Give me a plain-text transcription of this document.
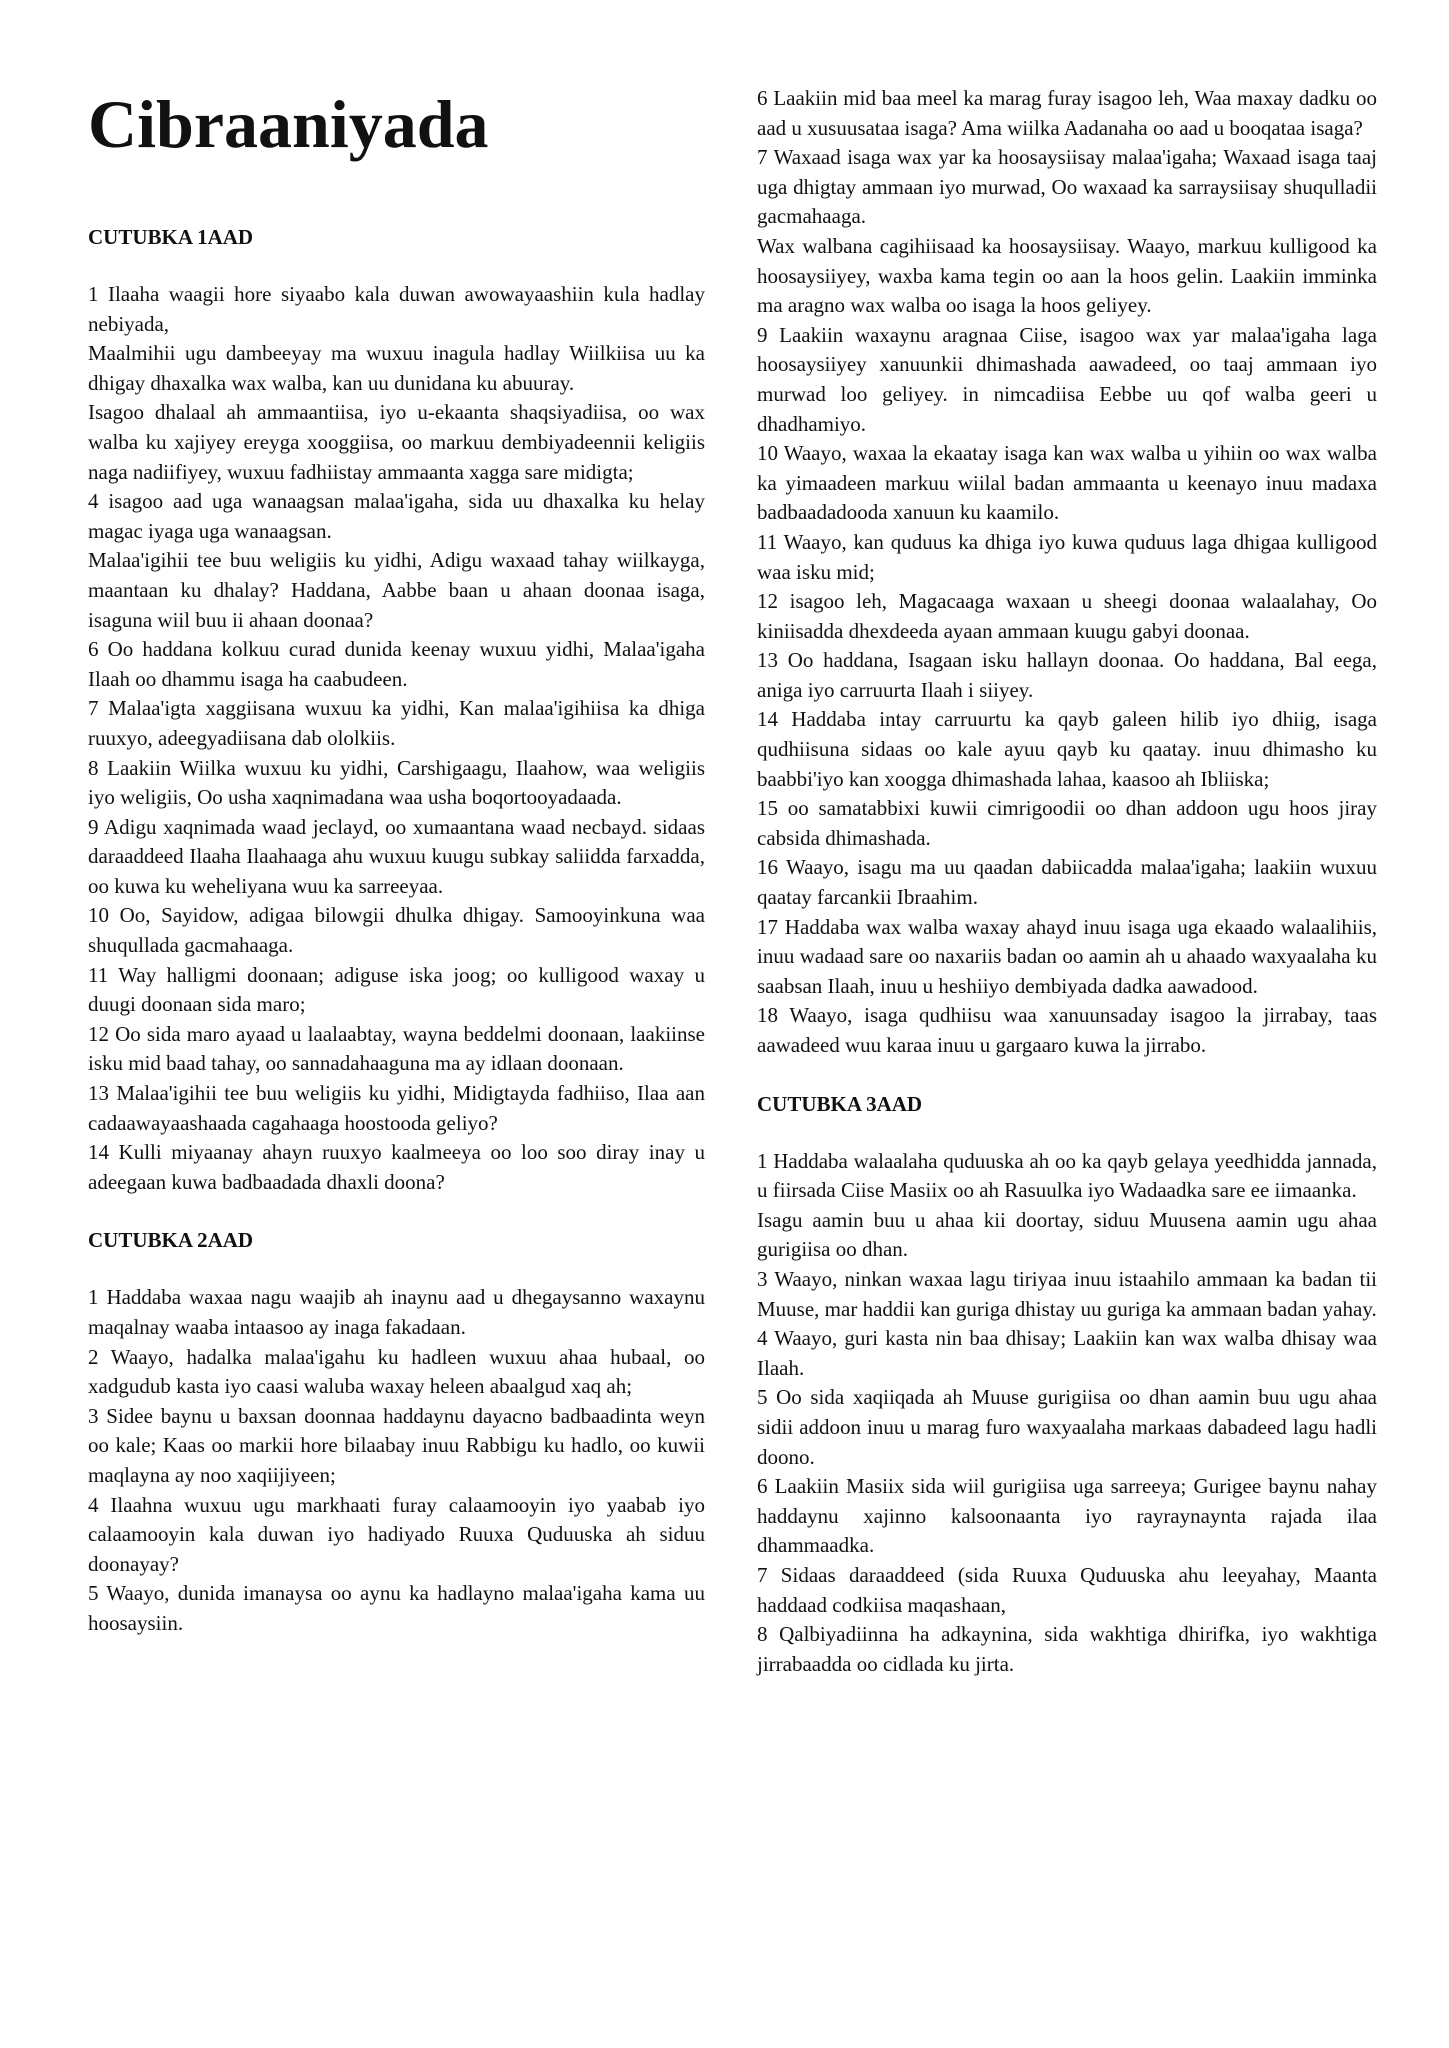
Cibraaniyada
CUTUBKA 1AAD

1 Ilaaha waagii hore siyaabo kala duwan awowayaashiin kula hadlay nebiyada,

Maalmihii ugu dambeeyay ma wuxuu inagula hadlay Wiilkiisa uu ka dhigay dhaxalka wax walba, kan uu dunidana ku abuuray.

Isagoo dhalaal ah ammaantiisa, iyo u-ekaanta shaqsiyadiisa, oo wax walba ku xajiyey ereyga xooggiisa, oo markuu dembiyadeennii keligiis naga nadiifiyey, wuxuu fadhiistay ammaanta xagga sare midigta;

4 isagoo aad uga wanaagsan malaa'igaha, sida uu dhaxalka ku helay magac iyaga uga wanaagsan.

Malaa'igihii tee buu weligiis ku yidhi, Adigu waxaad tahay wiilkayga, maantaan ku dhalay? Haddana, Aabbe baan u ahaan doonaa isaga, isaguna wiil buu ii ahaan doonaa?

6 Oo haddana kolkuu curad dunida keenay wuxuu yidhi, Malaa'igaha Ilaah oo dhammu isaga ha caabudeen.

7 Malaa'igta xaggiisana wuxuu ka yidhi, Kan malaa'igihiisa ka dhiga ruuxyo, adeegyadiisana dab ololkiis.

8 Laakiin Wiilka wuxuu ku yidhi, Carshigaagu, Ilaahow, waa weligiis iyo weligiis, Oo usha xaqnimadana waa usha boqortooyadaada.

9 Adigu xaqnimada waad jeclayd, oo xumaantana waad necbayd. sidaas daraaddeed Ilaaha Ilaahaaga ahu wuxuu kuugu subkay saliidda farxadda, oo kuwa ku weheliyana wuu ka sarreeyaa.

10 Oo, Sayidow, adigaa bilowgii dhulka dhigay. Samooyinkuna waa shuqullada gacmahaaga.

11 Way halligmi doonaan; adiguse iska joog; oo kulligood waxay u duugi doonaan sida maro;

12 Oo sida maro ayaad u laalaabtay, wayna beddelmi doonaan, laakiinse isku mid baad tahay, oo sannadahaaguna ma ay idlaan doonaan.

13 Malaa'igihii tee buu weligiis ku yidhi, Midigtayda fadhiiso, Ilaa aan cadaawayaashaada cagahaaga hoostooda geliyo?

14 Kulli miyaanay ahayn ruuxyo kaalmeeya oo loo soo diray inay u adeegaan kuwa badbaadada dhaxli doona?

CUTUBKA 2AAD

1 Haddaba waxaa nagu waajib ah inaynu aad u dhegaysanno waxaynu maqalnay waaba intaasoo ay inaga fakadaan.

2 Waayo, hadalka malaa'igahu ku hadleen wuxuu ahaa hubaal, oo xadgudub kasta iyo caasi waluba waxay heleen abaalgud xaq ah;

3 Sidee baynu u baxsan doonnaa haddaynu dayacno badbaadinta weyn oo kale; Kaas oo markii hore bilaabay inuu Rabbigu ku hadlo, oo kuwii maqlayna ay noo xaqiijiyeen;

4 Ilaahna wuxuu ugu markhaati furay calaamooyin iyo yaabab iyo calaamooyin kala duwan iyo hadiyado Ruuxa Quduuska ah siduu doonayay?

5 Waayo, dunida imanaysa oo aynu ka hadlayno malaa'igaha kama uu hoosaysiin.

6 Laakiin mid baa meel ka marag furay isagoo leh, Waa maxay dadku oo aad u xusuusataa isaga? Ama wiilka Aadanaha oo aad u booqataa isaga?

7 Waxaad isaga wax yar ka hoosaysiisay malaa'igaha; Waxaad isaga taaj uga dhigtay ammaan iyo murwad, Oo waxaad ka sarraysiisay shuqulladii gacmahaaga.

Wax walbana cagihiisaad ka hoosaysiisay. Waayo, markuu kulligood ka hoosaysiiyey, waxba kama tegin oo aan la hoos gelin. Laakiin imminka ma aragno wax walba oo isaga la hoos geliyey.

9 Laakiin waxaynu aragnaa Ciise, isagoo wax yar malaa'igaha laga hoosaysiiyey xanuunkii dhimashada aawadeed, oo taaj ammaan iyo murwad loo geliyey. in nimcadiisa Eebbe uu qof walba geeri u dhadhamiyo.

10 Waayo, waxaa la ekaatay isaga kan wax walba u yihiin oo wax walba ka yimaadeen markuu wiilal badan ammaanta u keenayo inuu madaxa badbaadadooda xanuun ku kaamilo.

11 Waayo, kan quduus ka dhiga iyo kuwa quduus laga dhigaa kulligood waa isku mid;

12 isagoo leh, Magacaaga waxaan u sheegi doonaa walaalahay, Oo kiniisadda dhexdeeda ayaan ammaan kuugu gabyi doonaa.

13 Oo haddana, Isagaan isku hallayn doonaa. Oo haddana, Bal eega, aniga iyo carruurta Ilaah i siiyey.

14 Haddaba intay carruurtu ka qayb galeen hilib iyo dhiig, isaga qudhiisuna sidaas oo kale ayuu qayb ku qaatay. inuu dhimasho ku baabbi'iyo kan xoogga dhimashada lahaa, kaasoo ah Ibliiska;

15 oo samatabbixi kuwii cimrigoodii oo dhan addoon ugu hoos jiray cabsida dhimashada.

16 Waayo, isagu ma uu qaadan dabiicadda malaa'igaha; laakiin wuxuu qaatay farcankii Ibraahim.

17 Haddaba wax walba waxay ahayd inuu isaga uga ekaado walaalihiis, inuu wadaad sare oo naxariis badan oo aamin ah u ahaado waxyaalaha ku saabsan Ilaah, inuu u heshiiyo dembiyada dadka aawadood.

18 Waayo, isaga qudhiisu waa xanuunsaday isagoo la jirrabay, taas aawadeed wuu karaa inuu u gargaaro kuwa la jirrabo.

CUTUBKA 3AAD

1 Haddaba walaalaha quduuska ah oo ka qayb gelaya yeedhidda jannada, u fiirsada Ciise Masiix oo ah Rasuulka iyo Wadaadka sare ee iimaanka.

Isagu aamin buu u ahaa kii doortay, siduu Muusena aamin ugu ahaa gurigiisa oo dhan.

3 Waayo, ninkan waxaa lagu tiriyaa inuu istaahilo ammaan ka badan tii Muuse, mar haddii kan guriga dhistay uu guriga ka ammaan badan yahay.

4 Waayo, guri kasta nin baa dhisay; Laakiin kan wax walba dhisay waa Ilaah.

5 Oo sida xaqiiqada ah Muuse gurigiisa oo dhan aamin buu ugu ahaa sidii addoon inuu u marag furo waxyaalaha markaas dabadeed lagu hadli doono.

6 Laakiin Masiix sida wiil gurigiisa uga sarreeya; Gurigee baynu nahay haddaynu xajinno kalsoonaanta iyo rayraynaynta rajada ilaa dhammaadka.

7 Sidaas daraaddeed (sida Ruuxa Quduuska ahu leeyahay, Maanta haddaad codkiisa maqashaan,

8 Qalbiyadiinna ha adkaynina, sida wakhtiga dhirifka, iyo wakhtiga jirrabaadda oo cidlada ku jirta.
